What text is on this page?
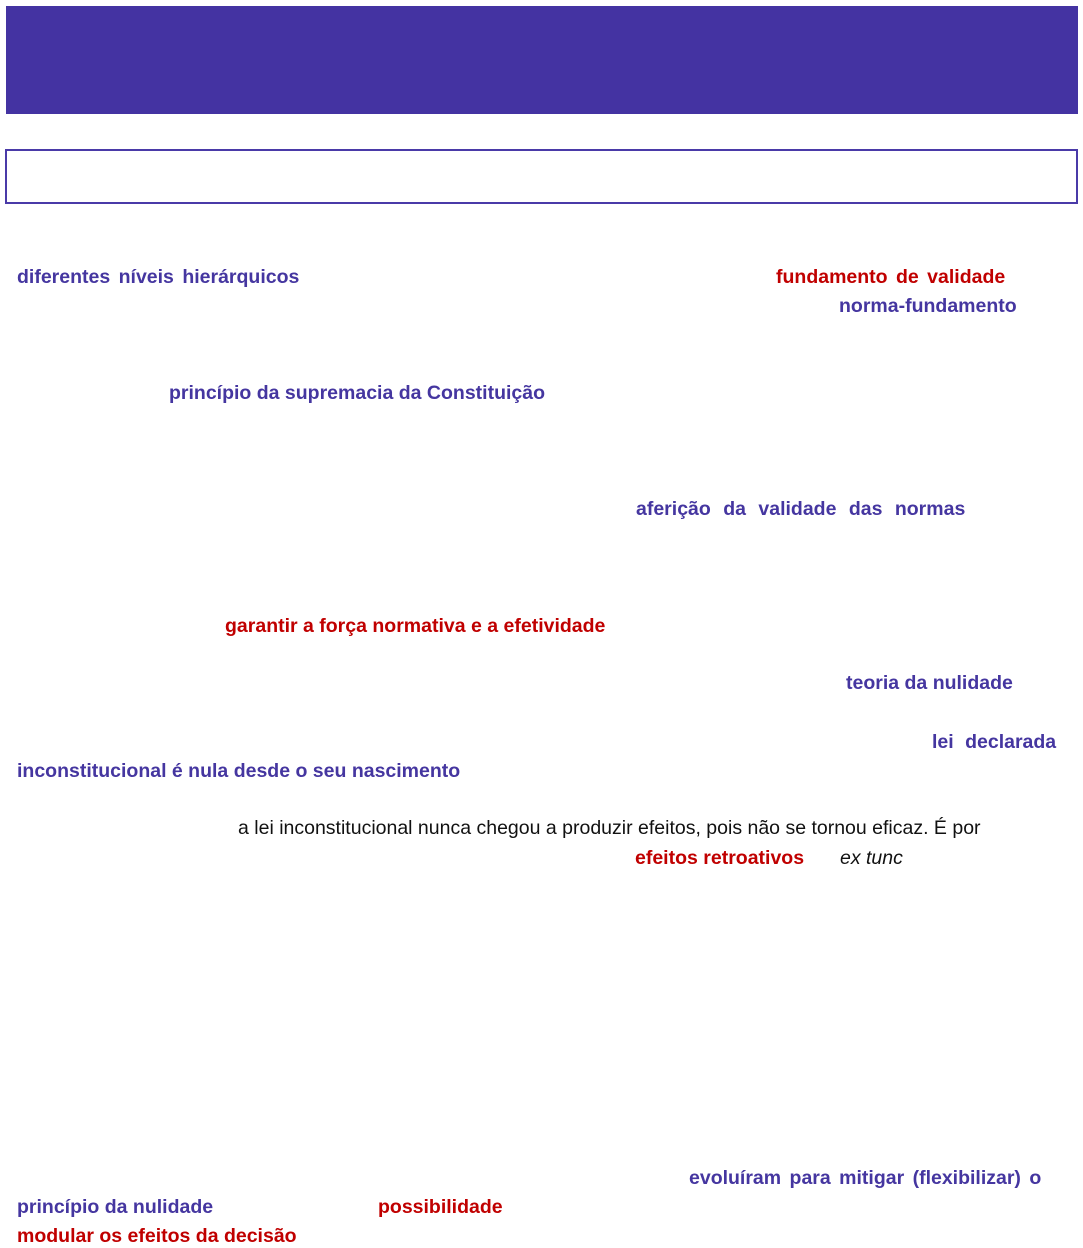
diferentes níveis hierárquicos	fundamento de validade
norma-fundamento
princípio da supremacia da Constituição
aferição da validade das normas
garantir a força normativa e a efetividade
teoria da nulidade
lei declarada
inconstitucional é nula desde o seu nascimento
a lei inconstitucional nunca chegou a produzir efeitos, pois não se tornou eficaz. É por
efeitos retroativos ex tunc
evoluíram para mitigar (flexibilizar) o
princípio da nulidade	possibilidade
modular os efeitos da decisão
